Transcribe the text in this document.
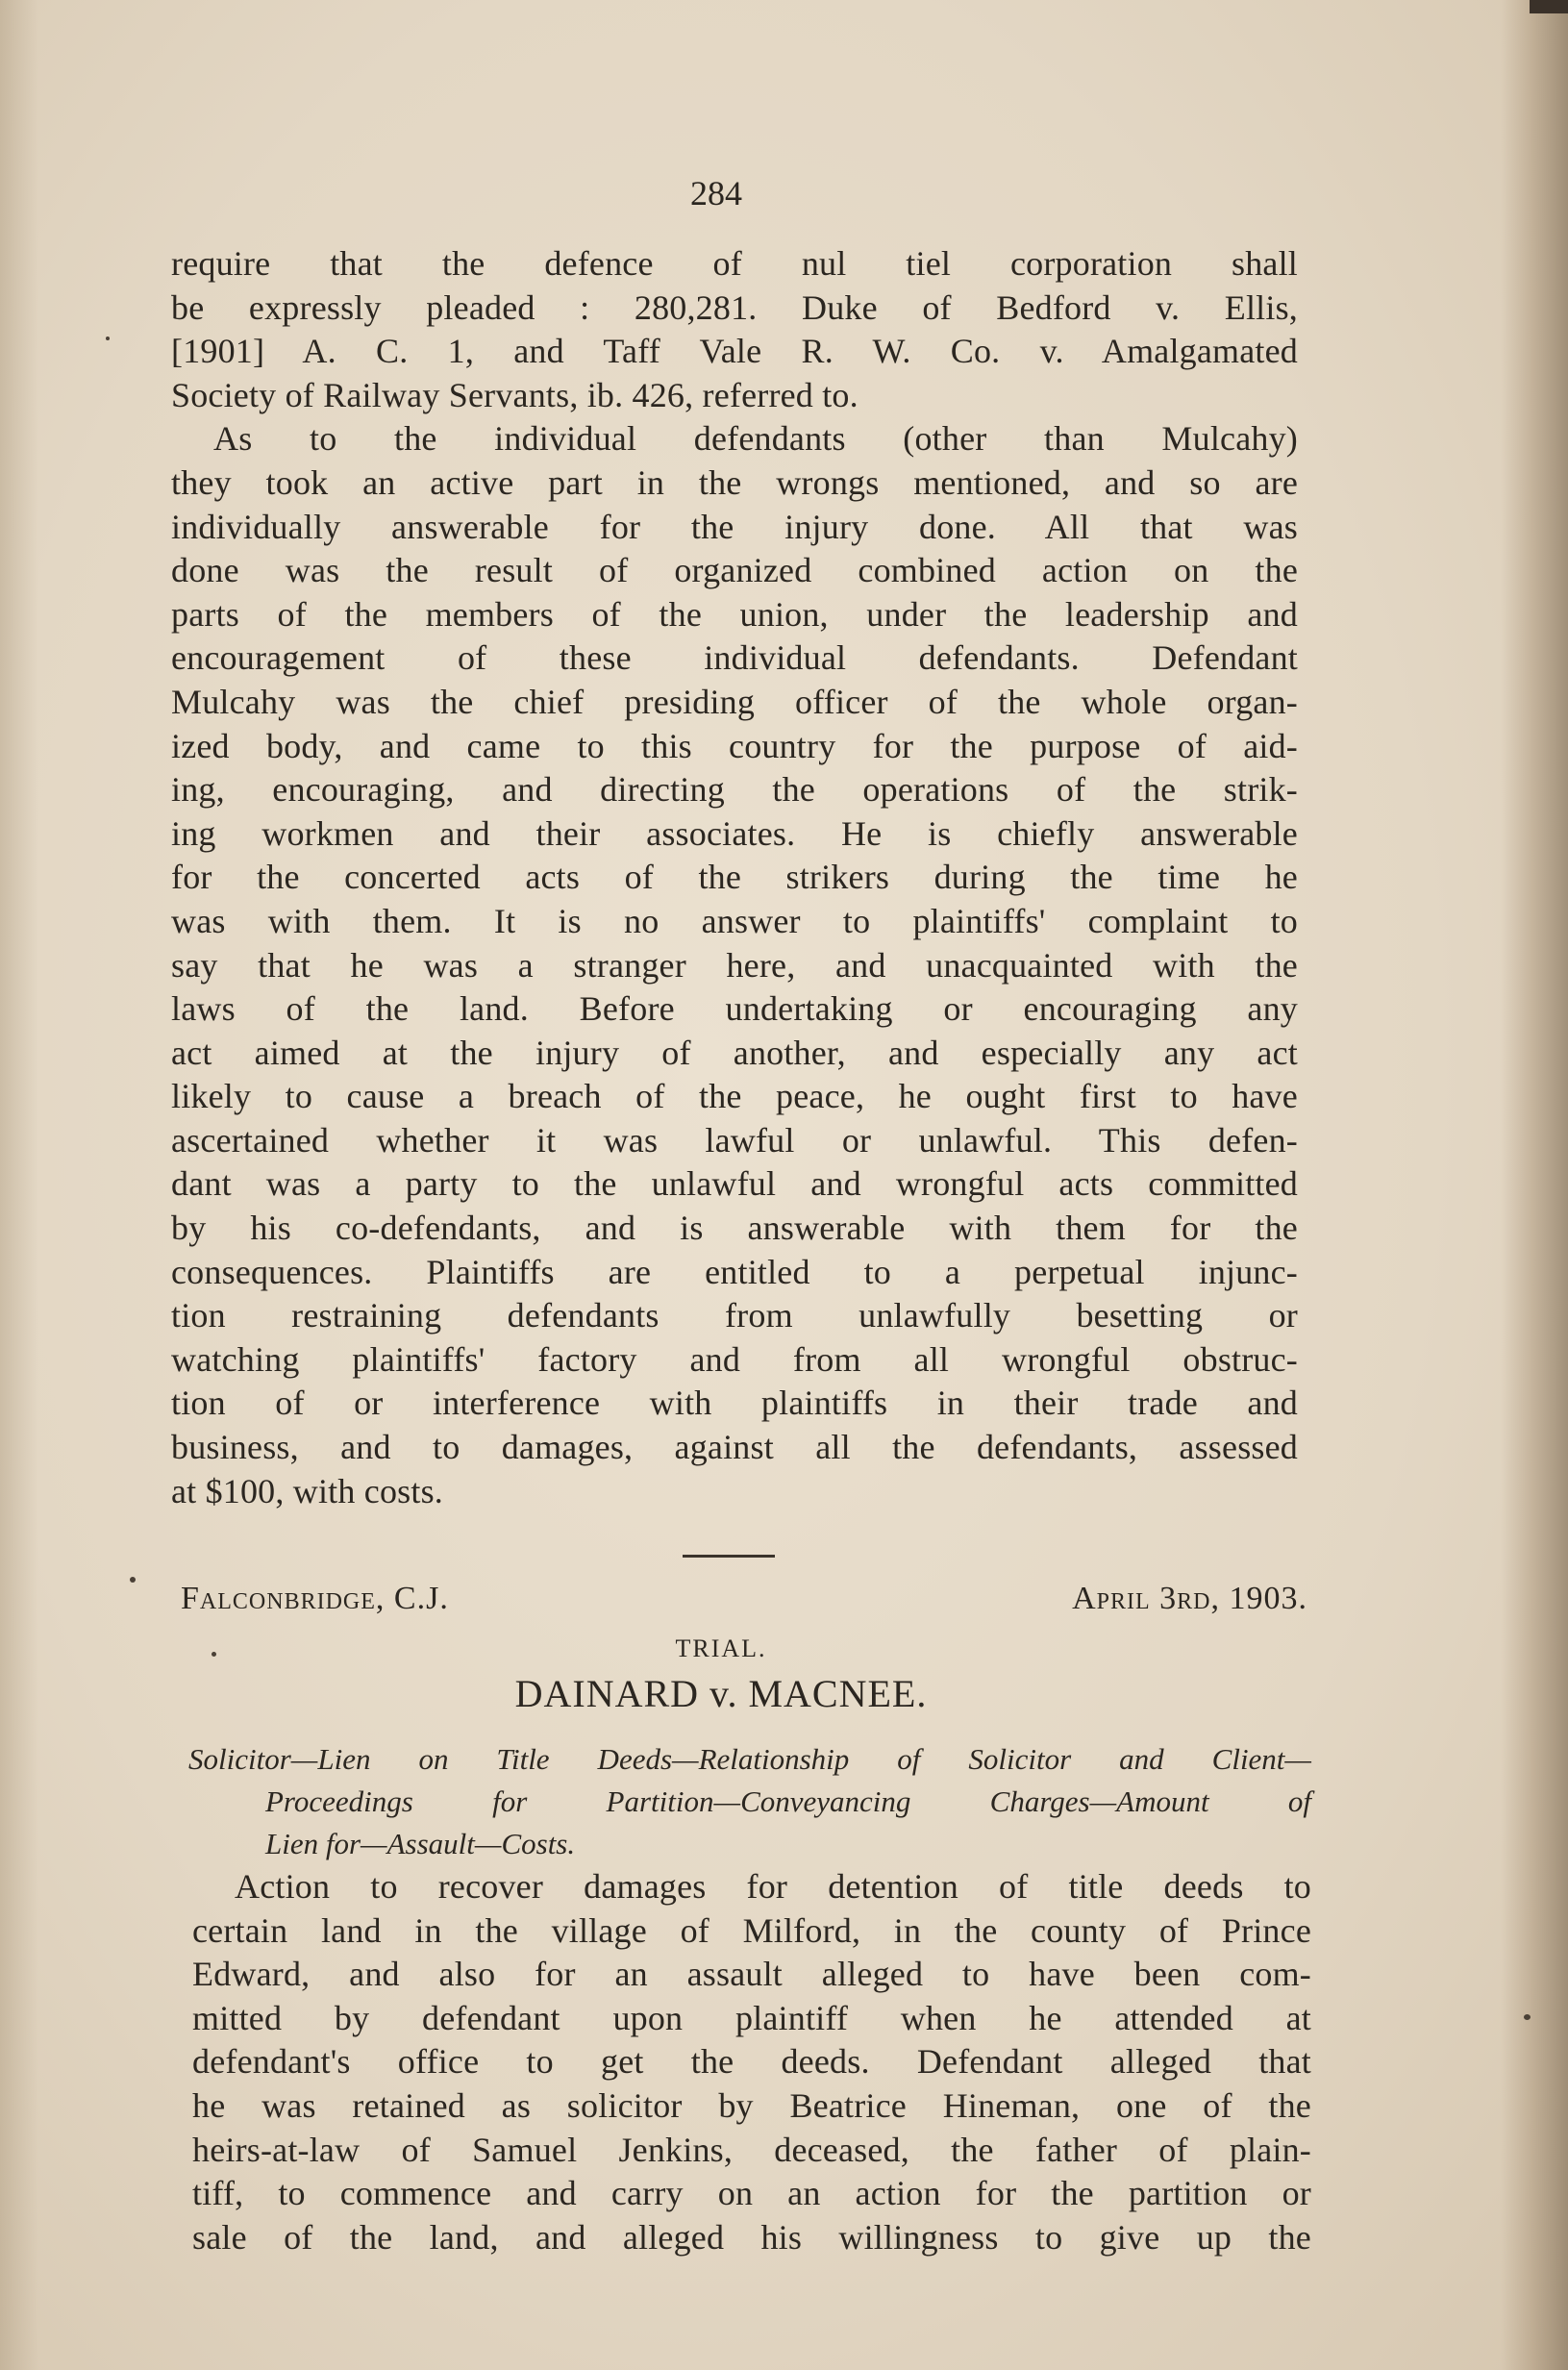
284
require that the defence of nul tiel corporation shall
be expressly pleaded : 280,281. Duke of Bedford v. Ellis,
[1901] A. C. 1, and Taff Vale R. W. Co. v. Amalgamated
Society of Railway Servants, ib. 426, referred to.
As to the individual defendants (other than Mulcahy)
they took an active part in the wrongs mentioned, and so are
individually answerable for the injury done. All that was
done was the result of organized combined action on the
parts of the members of the union, under the leadership and
encouragement of these individual defendants. Defendant
Mulcahy was the chief presiding officer of the whole organ-
ized body, and came to this country for the purpose of aid-
ing, encouraging, and directing the operations of the strik-
ing workmen and their associates. He is chiefly answerable
for the concerted acts of the strikers during the time he
was with them. It is no answer to plaintiffs' complaint to
say that he was a stranger here, and unacquainted with the
laws of the land. Before undertaking or encouraging any
act aimed at the injury of another, and especially any act
likely to cause a breach of the peace, he ought first to have
ascertained whether it was lawful or unlawful. This defen-
dant was a party to the unlawful and wrongful acts committed
by his co-defendants, and is answerable with them for the
consequences. Plaintiffs are entitled to a perpetual injunc-
tion restraining defendants from unlawfully besetting or
watching plaintiffs' factory and from all wrongful obstruc-
tion of or interference with plaintiffs in their trade and
business, and to damages, against all the defendants, assessed
at $100, with costs.
Falconbridge, C.J.	April 3rd, 1903.
TRIAL.
DAINARD v. MACNEE.
Solicitor—Lien on Title Deeds—Relationship of Solicitor and Client—
Proceedings for Partition—Conveyancing Charges—Amount of
Lien for—Assault—Costs.
Action to recover damages for detention of title deeds to
certain land in the village of Milford, in the county of Prince
Edward, and also for an assault alleged to have been com-
mitted by defendant upon plaintiff when he attended at
defendant's office to get the deeds. Defendant alleged that
he was retained as solicitor by Beatrice Hineman, one of the
heirs-at-law of Samuel Jenkins, deceased, the father of plain-
tiff, to commence and carry on an action for the partition or
sale of the land, and alleged his willingness to give up the
